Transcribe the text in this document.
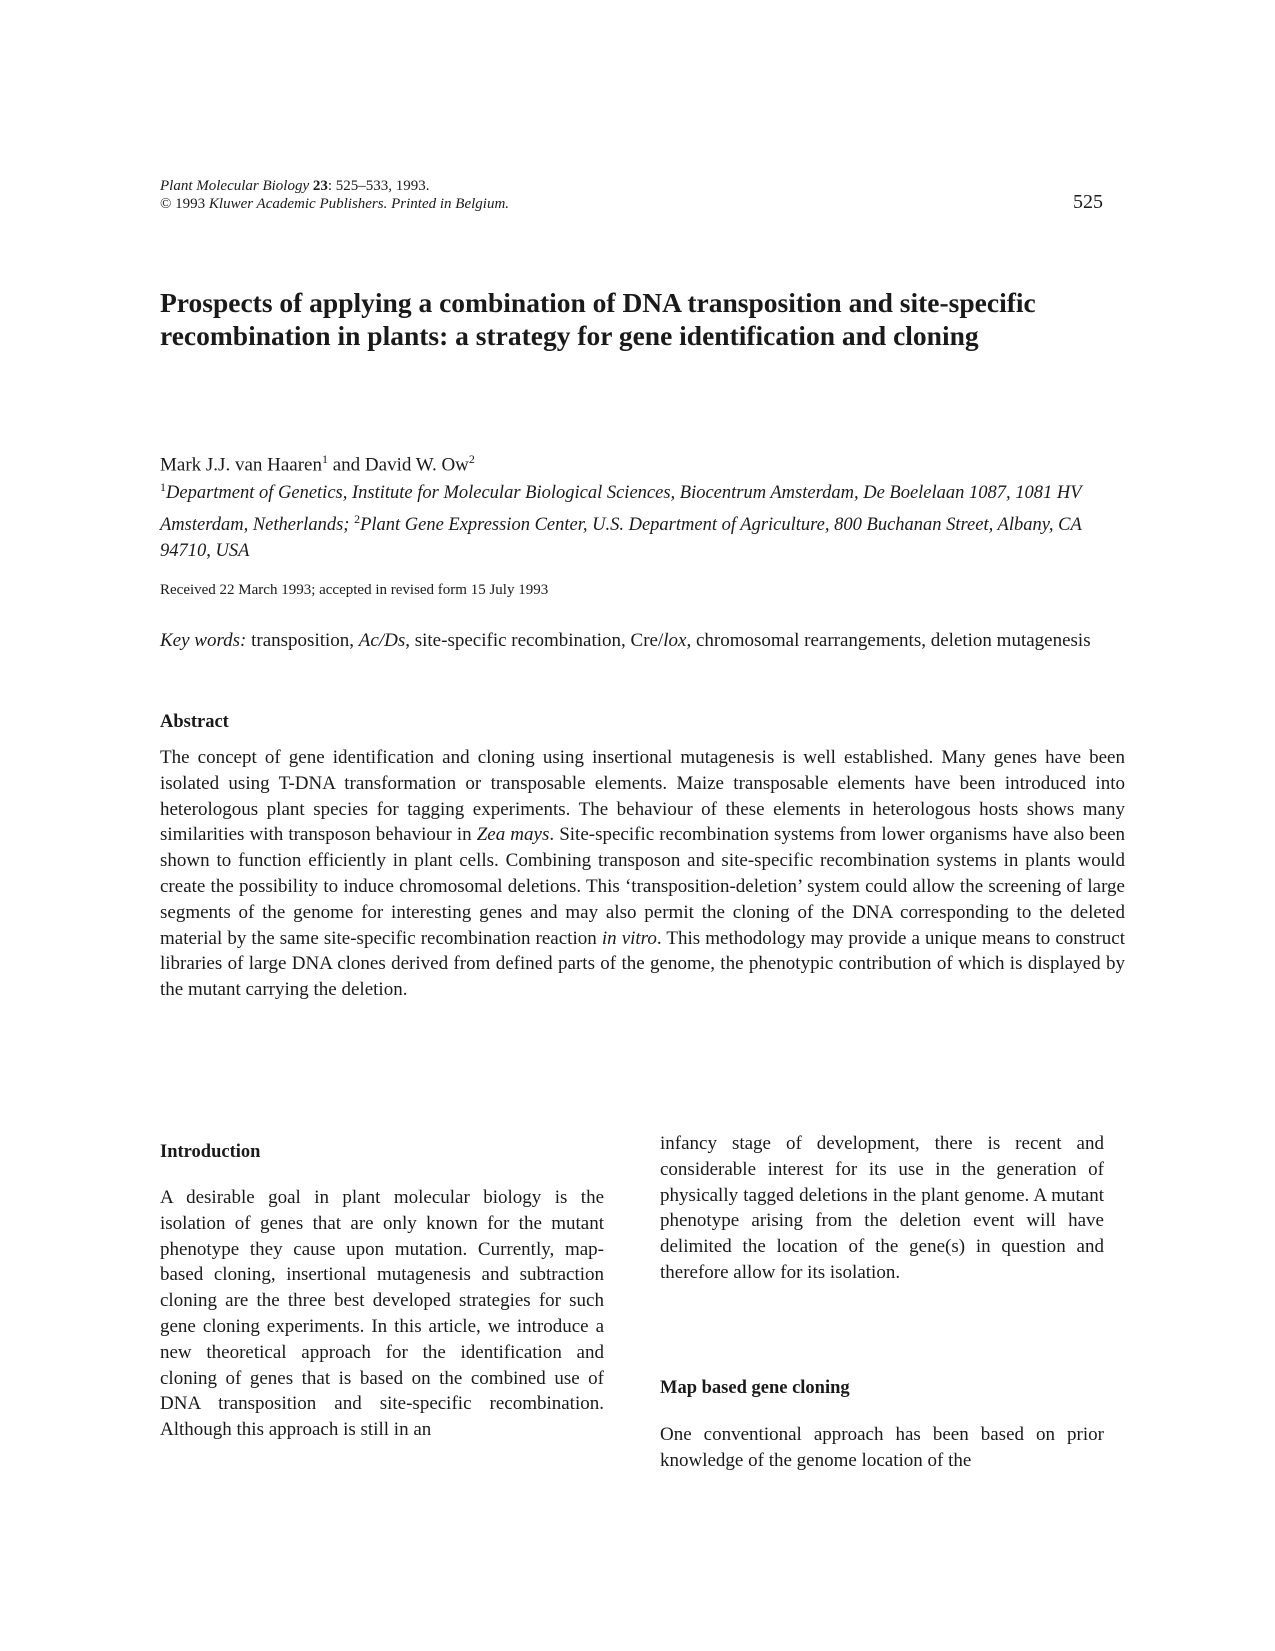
Plant Molecular Biology 23: 525–533, 1993.
© 1993 Kluwer Academic Publishers. Printed in Belgium.	525
Prospects of applying a combination of DNA transposition and site-specific recombination in plants: a strategy for gene identification and cloning
Mark J.J. van Haaren$^1$ and David W. Ow$^2$
$^1$Department of Genetics, Institute for Molecular Biological Sciences, Biocentrum Amsterdam, De Boelelaan 1087, 1081 HV Amsterdam, Netherlands; $^2$Plant Gene Expression Center, U.S. Department of Agriculture, 800 Buchanan Street, Albany, CA 94710, USA
Received 22 March 1993; accepted in revised form 15 July 1993
Key words: transposition, Ac/Ds, site-specific recombination, Cre/lox, chromosomal rearrangements, deletion mutagenesis
Abstract

The concept of gene identification and cloning using insertional mutagenesis is well established. Many genes have been isolated using T-DNA transformation or transposable elements. Maize transposable elements have been introduced into heterologous plant species for tagging experiments. The behaviour of these elements in heterologous hosts shows many similarities with transposon behaviour in Zea mays. Site-specific recombination systems from lower organisms have also been shown to function efficiently in plant cells. Combining transposon and site-specific recombination systems in plants would create the possibility to induce chromosomal deletions. This ‘transposition-deletion’ system could allow the screening of large segments of the genome for interesting genes and may also permit the cloning of the DNA corresponding to the deleted material by the same site-specific recombination reaction in vitro. This methodology may provide a unique means to construct libraries of large DNA clones derived from defined parts of the genome, the phenotypic contribution of which is displayed by the mutant carrying the deletion.

Introduction

A desirable goal in plant molecular biology is the isolation of genes that are only known for the mutant phenotype they cause upon mutation. Currently, map-based cloning, insertional mutagenesis and subtraction cloning are the three best developed strategies for such gene cloning experiments. In this article, we introduce a new theoretical approach for the identification and cloning of genes that is based on the combined use of DNA transposition and site-specific recombination. Although this approach is still in an

infancy stage of development, there is recent and considerable interest for its use in the generation of physically tagged deletions in the plant genome. A mutant phenotype arising from the deletion event will have delimited the location of the gene(s) in question and therefore allow for its isolation.

Map based gene cloning

One conventional approach has been based on prior knowledge of the genome location of the
